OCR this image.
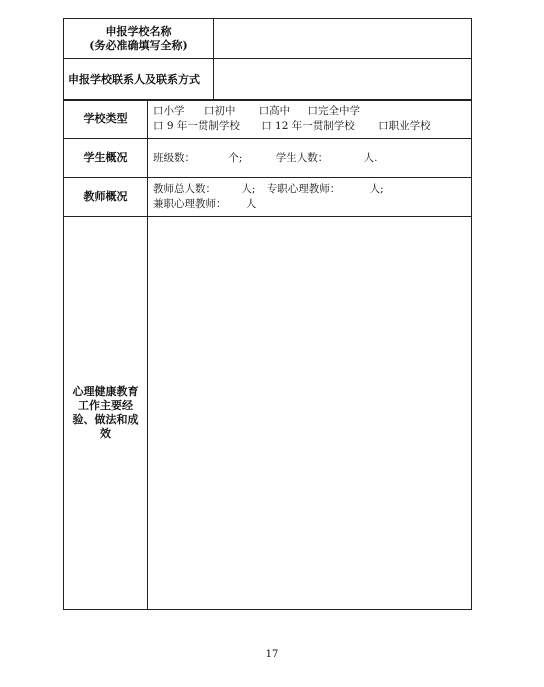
申报学校名称
(务必准确填写全称)	

申报学校联系人及联系方式	
学校类型	口小学 口初中 口高中 口完全中学
口 9 年一贯制学校 口 12 年一贯制学校 口职业学校

学生概况	班级数： 个; 学生人数： 人.
教师概况	教师总人数： 人; 专职心理教师： 人;
兼职心理教师： 人

心理健康教育工作主要经验、做法和成效	
17
